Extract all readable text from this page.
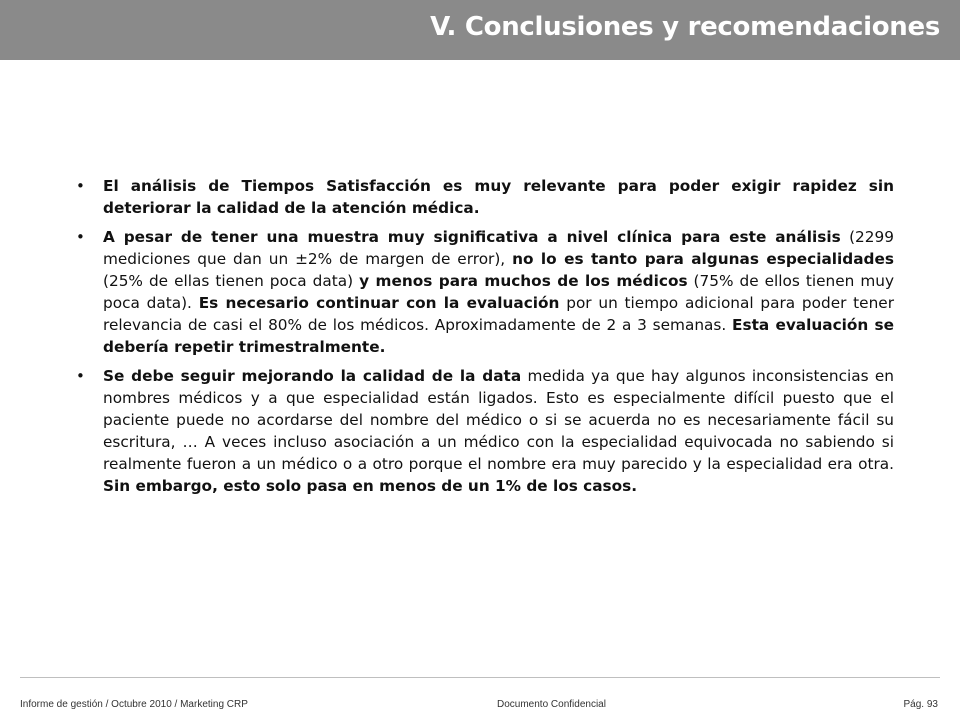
V. Conclusiones y recomendaciones
• El análisis de Tiempos Satisfacción es muy relevante para poder exigir rapidez sin deteriorar la calidad de la atención médica.
• A pesar de tener una muestra muy significativa a nivel clínica para este análisis (2299 mediciones que dan un ±2% de margen de error), no lo es tanto para algunas especialidades (25% de ellas tienen poca data) y menos para muchos de los médicos (75% de ellos tienen muy poca data). Es necesario continuar con la evaluación por un tiempo adicional para poder tener relevancia de casi el 80% de los médicos. Aproximadamente de 2 a 3 semanas. Esta evaluación se debería repetir trimestralmente.
• Se debe seguir mejorando la calidad de la data medida ya que hay algunos inconsistencias en nombres médicos y a que especialidad están ligados. Esto es especialmente difícil puesto que el paciente puede no acordarse del nombre del médico o si se acuerda no es necesariamente fácil su escritura, … A veces incluso asociación a un médico con la especialidad equivocada no sabiendo si realmente fueron a un médico o a otro porque el nombre era muy parecido y la especialidad era otra. Sin embargo, esto solo pasa en menos de un 1% de los casos.
Informe de gestión / Octubre 2010 / Marketing CRP	Documento Confidencial	Pág. 93
